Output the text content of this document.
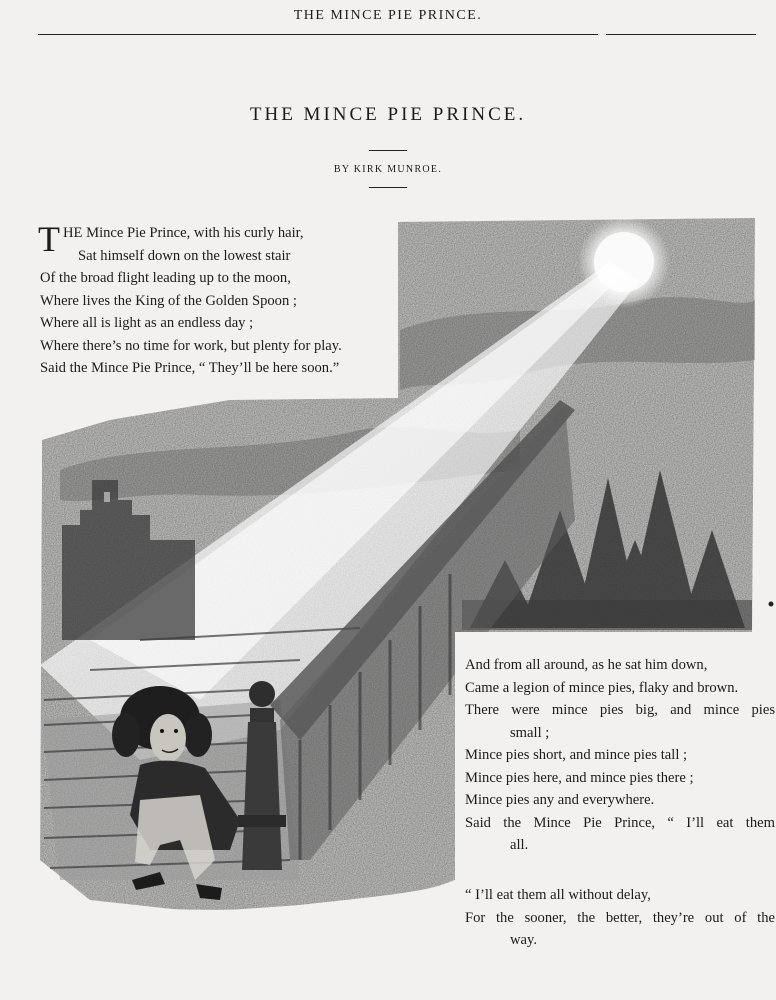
THE MINCE PIE PRINCE.
THE MINCE PIE PRINCE.
BY KIRK MUNROE.
T HE Mince Pie Prince, with his curly hair,
Sat himself down on the lowest stair
Of the broad flight leading up to the moon,
Where lives the King of the Golden Spoon ;
Where all is light as an endless day ;
Where there’s no time for work, but plenty for play.
Said the Mince Pie Prince, “ They’ll be here soon.”
And from all around, as he sat him down,
Came a legion of mince pies, flaky and brown.
There were mince pies big, and mince pies
small ;
Mince pies short, and mince pies tall ;
Mince pies here, and mince pies there ;
Mince pies any and everywhere.
Said the Mince Pie Prince, “ I’ll eat them
all.
“ I’ll eat them all without delay,
For the sooner, the better, they’re out of the
way.
